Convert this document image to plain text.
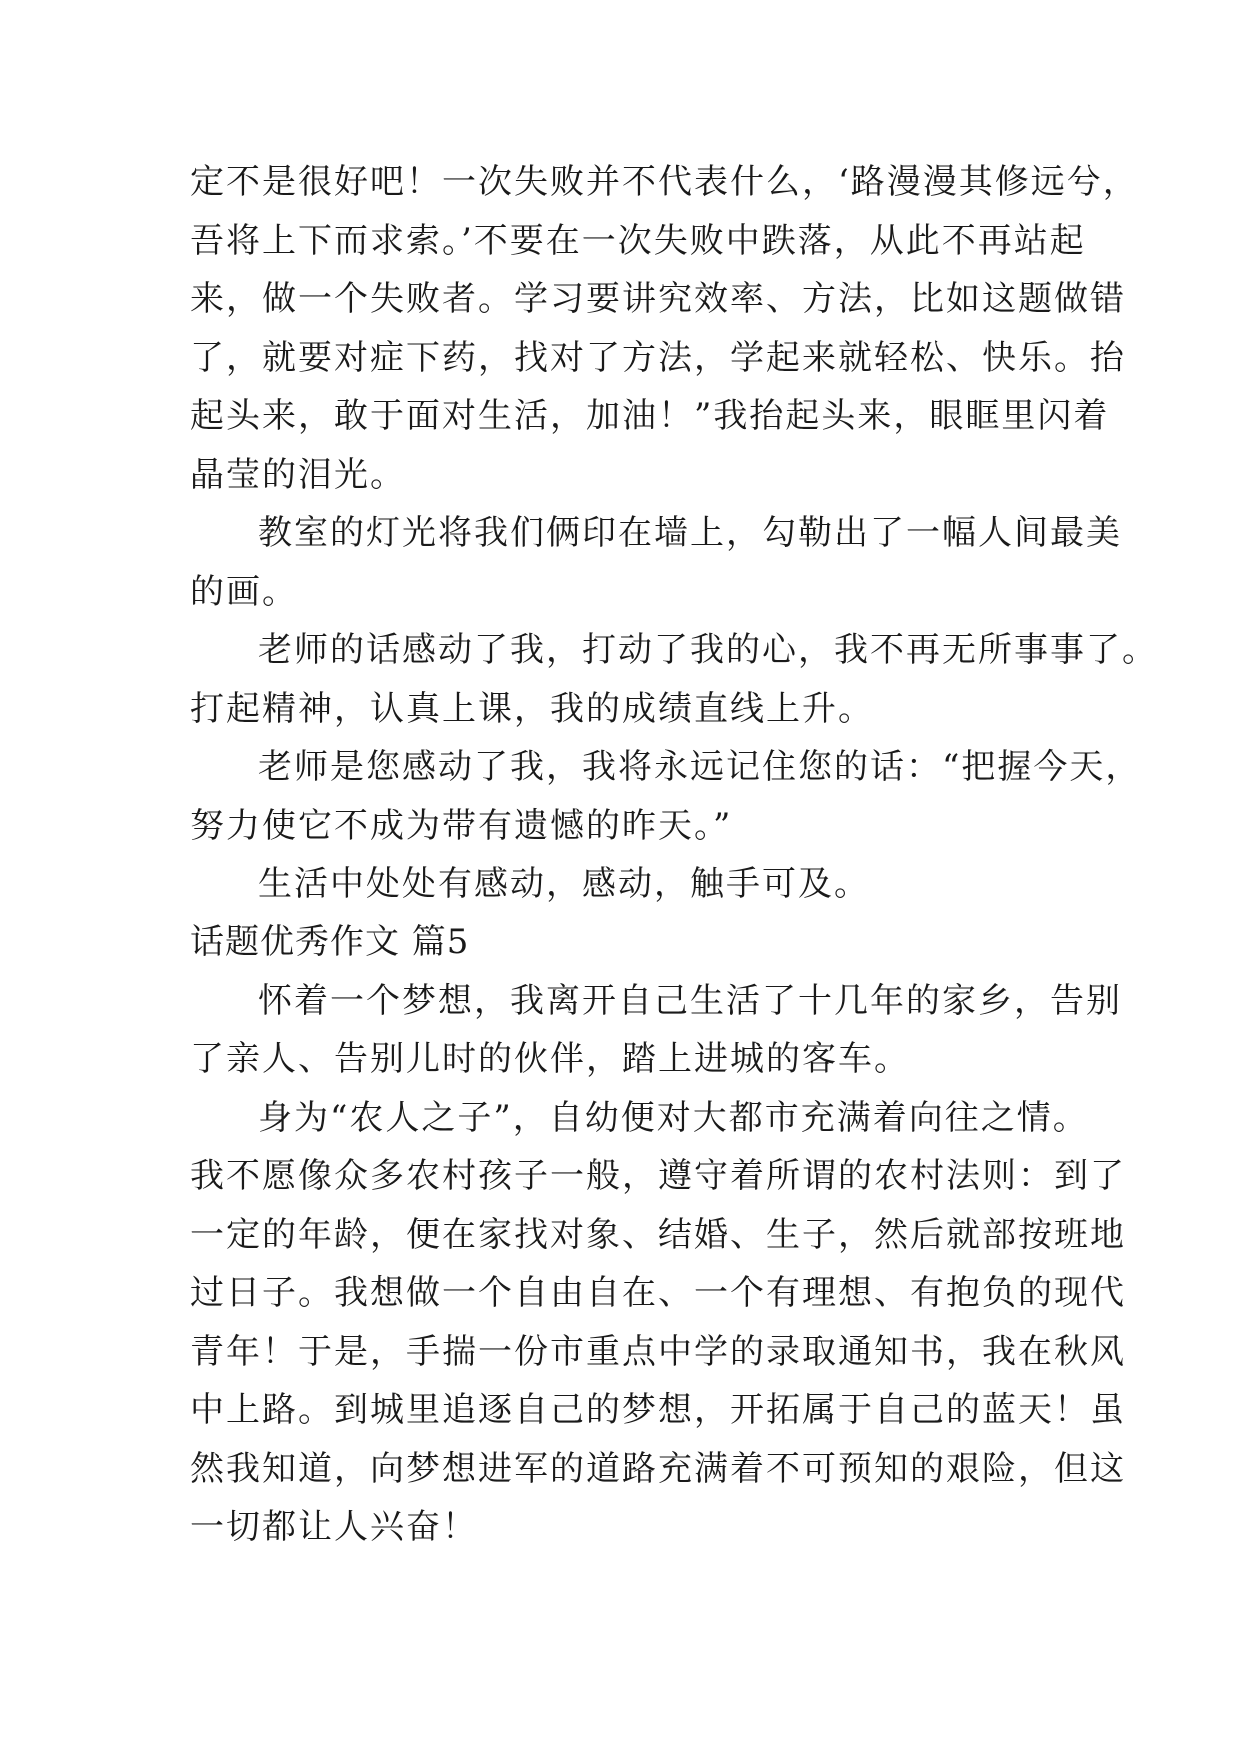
定不是很好吧！一次失败并不代表什么，‘路漫漫其修远兮，
吾将上下而求索。’不要在一次失败中跌落，从此不再站起
来，做一个失败者。学习要讲究效率、方法，比如这题做错
了，就要对症下药，找对了方法，学起来就轻松、快乐。抬
起头来，敢于面对生活，加油！”我抬起头来，眼眶里闪着
晶莹的泪光。
教室的灯光将我们俩印在墙上，勾勒出了一幅人间最美
的画。
老师的话感动了我，打动了我的心，我不再无所事事了。
打起精神，认真上课，我的成绩直线上升。
老师是您感动了我，我将永远记住您的话：“把握今天，
努力使它不成为带有遗憾的昨天。”
生活中处处有感动，感动，触手可及。
话题优秀作文 篇5
怀着一个梦想，我离开自己生活了十几年的家乡，告别
了亲人、告别儿时的伙伴，踏上进城的客车。
身为“农人之子”，自幼便对大都市充满着向往之情。
我不愿像众多农村孩子一般，遵守着所谓的农村法则：到了
一定的年龄，便在家找对象、结婚、生子，然后就部按班地
过日子。我想做一个自由自在、一个有理想、有抱负的现代
青年！于是，手揣一份市重点中学的录取通知书，我在秋风
中上路。到城里追逐自己的梦想，开拓属于自己的蓝天！虽
然我知道，向梦想进军的道路充满着不可预知的艰险，但这
一切都让人兴奋！
